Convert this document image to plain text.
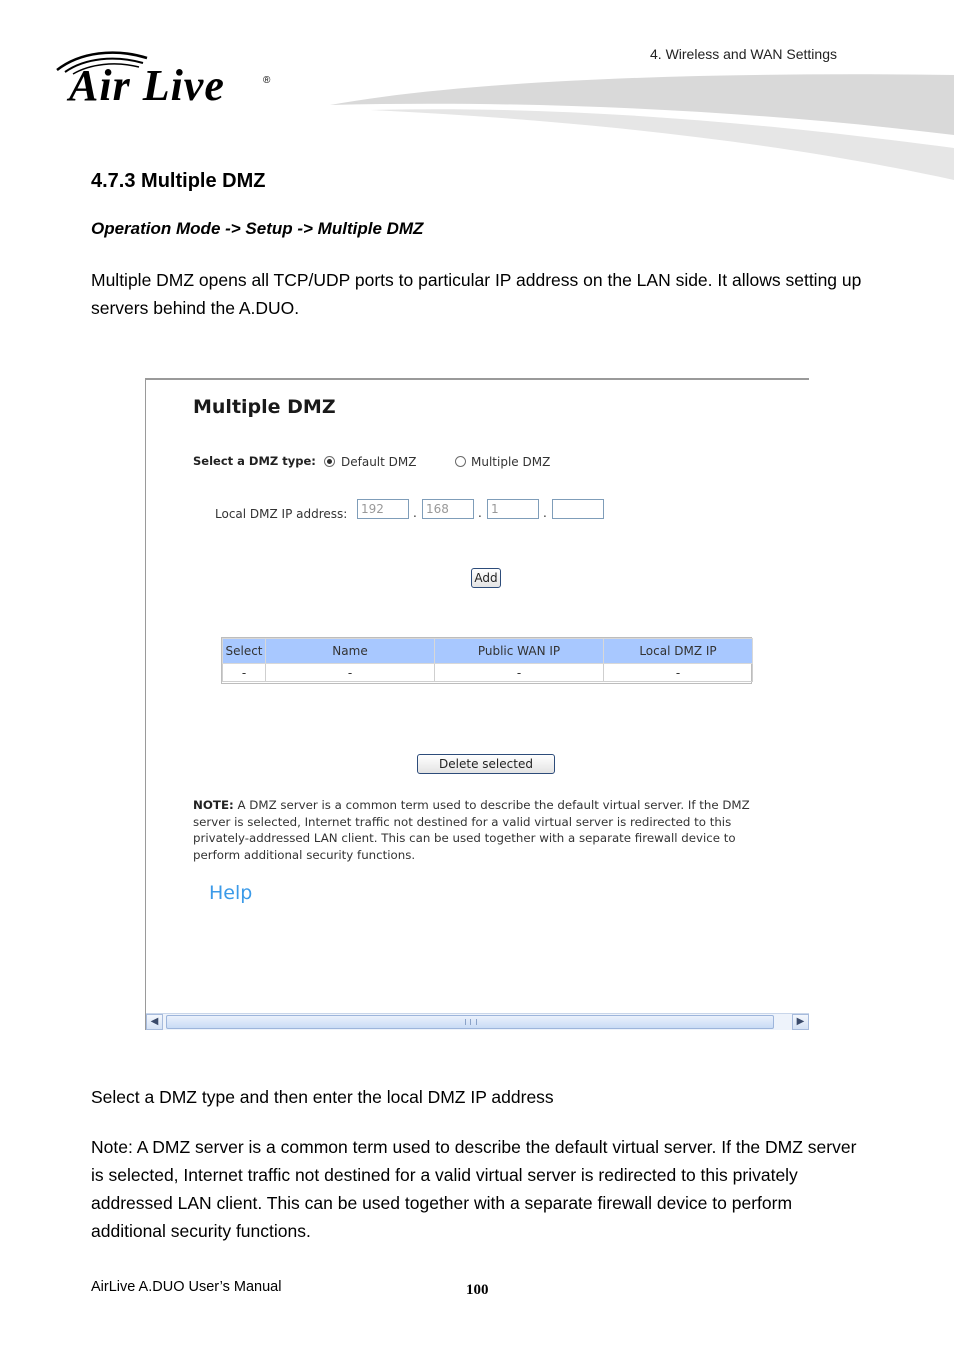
Air Live	®
4. Wireless and WAN Settings
4.7.3 Multiple DMZ
Operation Mode -> Setup -> Multiple DMZ
Multiple DMZ opens all TCP/UDP ports to particular IP address on the LAN side. It allows setting up servers behind the A.DUO.
Multiple DMZ
Select a DMZ type: Default DMZ	Multiple DMZ
Local DMZ IP address:	192	. 168	. 1	.
Add
Select	Name	Public WAN IP	Local DMZ IP
-	-	-	-
Delete selected
NOTE: A DMZ server is a common term used to describe the default virtual server. If the DMZ server is selected, Internet traffic not destined for a valid virtual server is redirected to this privately-addressed LAN client. This can be used together with a separate firewall device to perform additional security functions.
Help
◀	▶
Select a DMZ type and then enter the local DMZ IP address
Note: A DMZ server is a common term used to describe the default virtual server. If the DMZ server is selected, Internet traffic not destined for a valid virtual server is redirected to this privately addressed LAN client. This can be used together with a separate firewall device to perform additional security functions.
AirLive A.DUO User’s Manual	100
